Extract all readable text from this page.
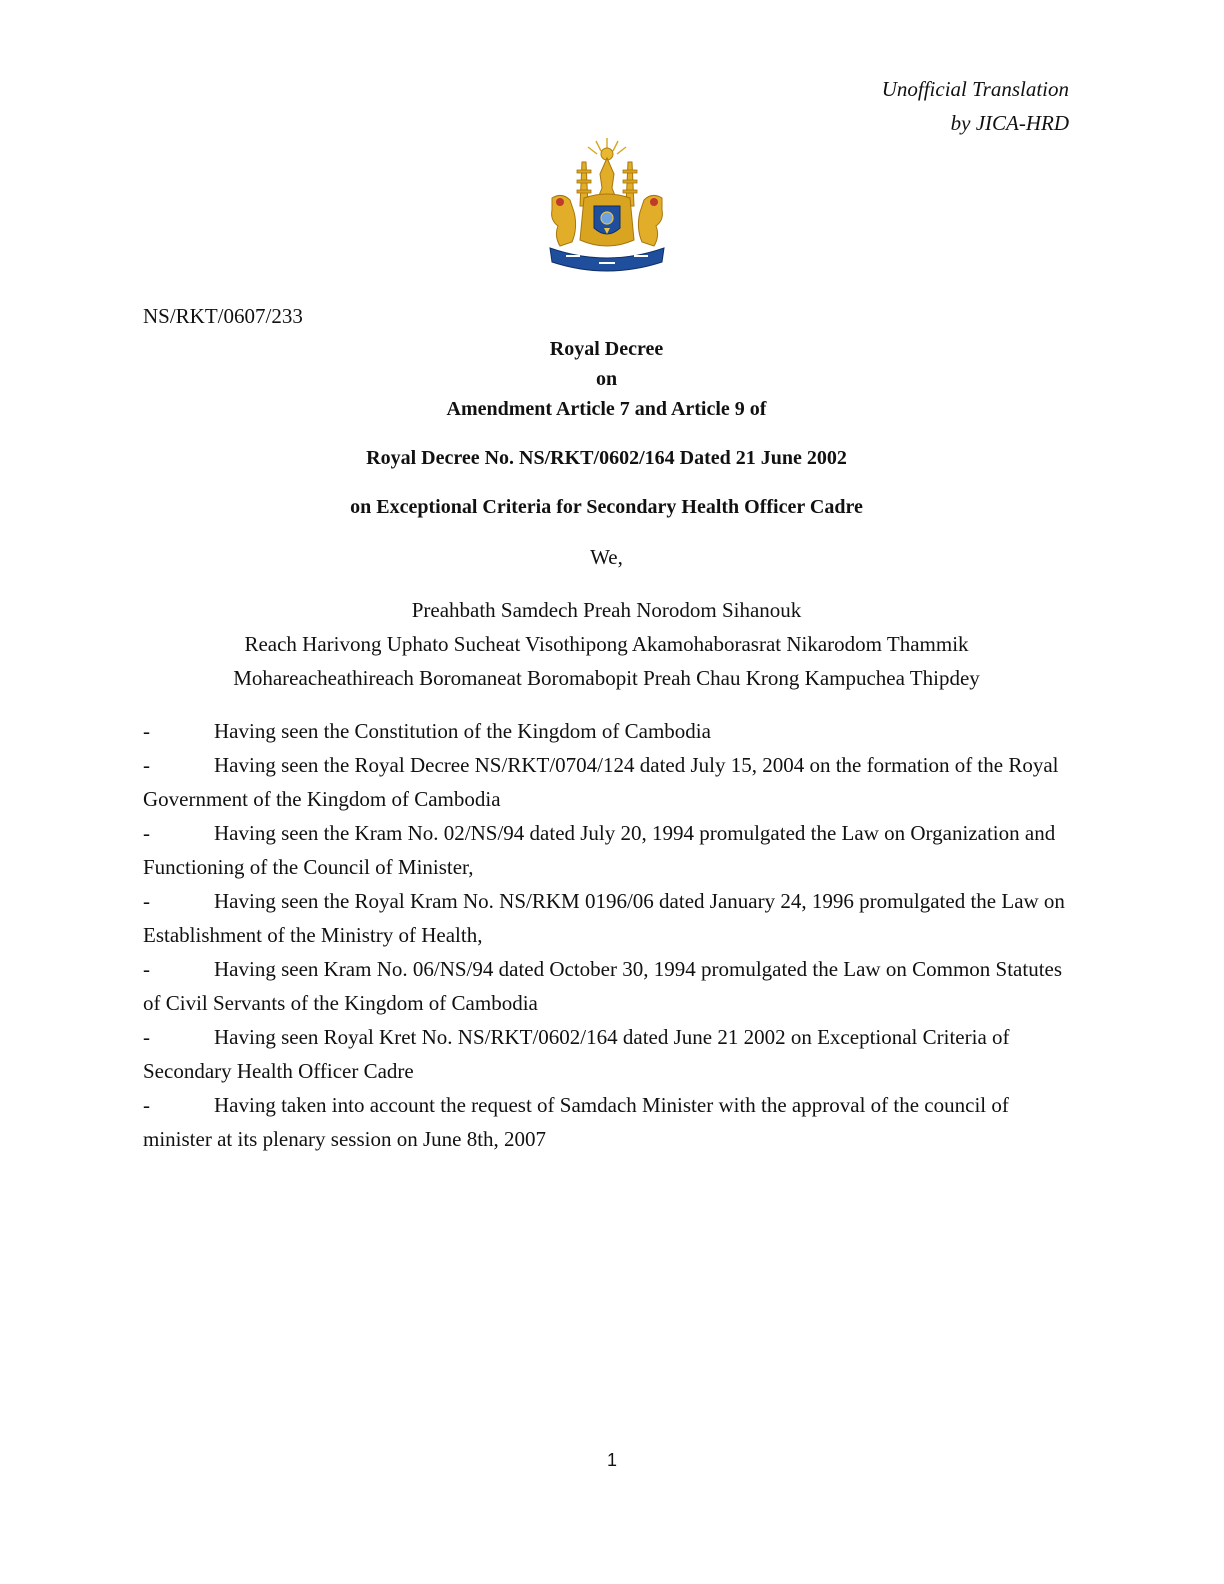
Unofficial Translation
by JICA-HRD
NS/RKT/0607/233
Royal Decree
on
Amendment Article 7 and Article 9 of
Royal Decree No. NS/RKT/0602/164 Dated 21 June 2002
on Exceptional Criteria for Secondary Health Officer Cadre
We,
Preahbath Samdech Preah Norodom Sihanouk
Reach Harivong Uphato Sucheat Visothipong Akamohaborasrat Nikarodom Thammik
Mohareacheathireach Boromaneat Boromabopit Preah Chau Krong Kampuchea Thipdey
-	Having seen the Constitution of the Kingdom of Cambodia
-	Having seen the Royal Decree NS/RKT/0704/124 dated July 15, 2004 on the formation of the Royal Government of the Kingdom of Cambodia
-	Having seen the Kram No. 02/NS/94 dated July 20, 1994 promulgated the Law on Organization and Functioning of the Council of Minister,
-	Having seen the Royal Kram No. NS/RKM 0196/06 dated January 24, 1996 promulgated the Law on Establishment of the Ministry of Health,
-	Having seen Kram No. 06/NS/94 dated October 30, 1994 promulgated the Law on Common Statutes of Civil Servants of the Kingdom of Cambodia
-	Having seen Royal Kret No. NS/RKT/0602/164 dated June 21 2002 on Exceptional Criteria of Secondary Health Officer Cadre
-	Having taken into account the request of Samdach Minister with the approval of the council of minister at its plenary session on June 8th, 2007
1
